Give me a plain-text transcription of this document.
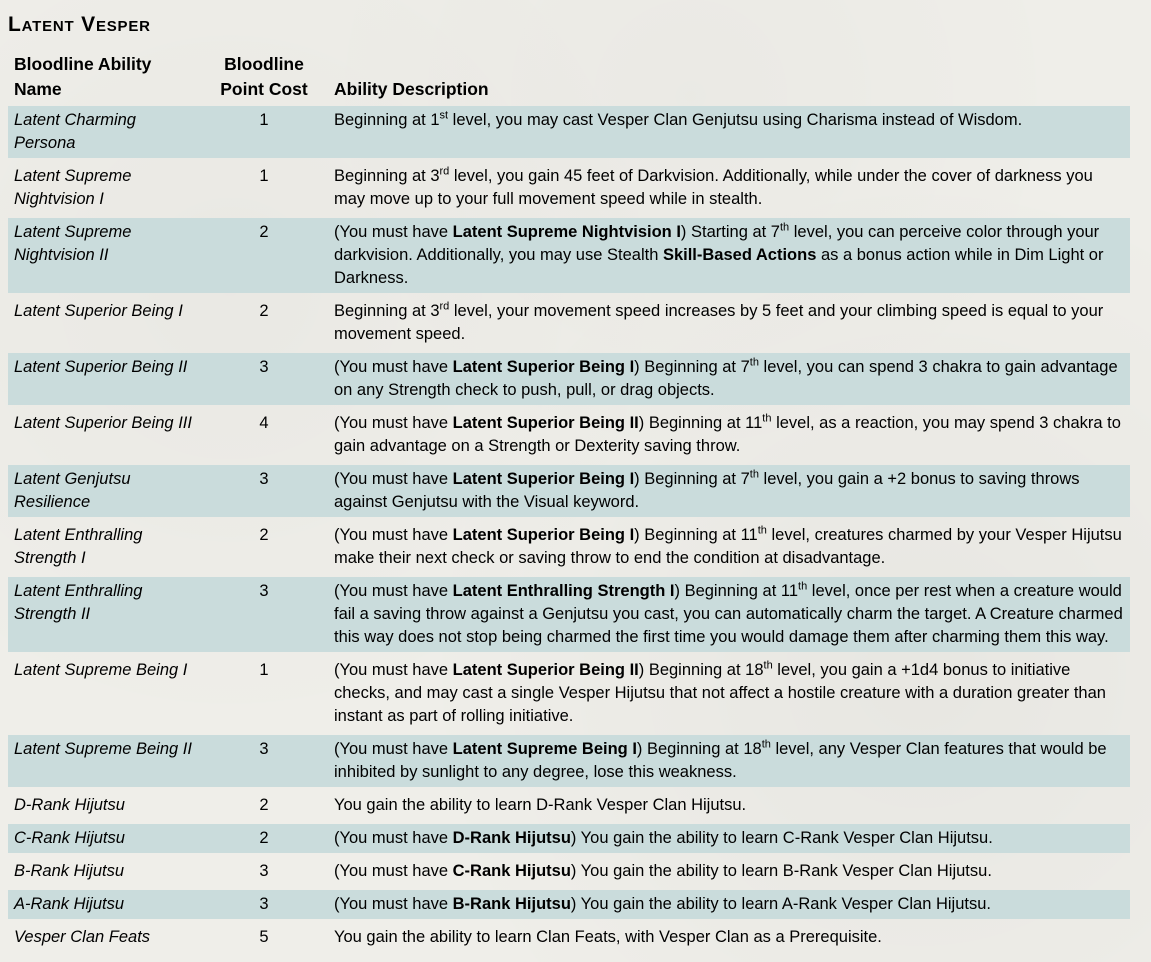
Latent Vesper
Bloodline Ability Name	Bloodline Point Cost	Ability Description
Latent Charming Persona	1	Beginning at 1st level, you may cast Vesper Clan Genjutsu using Charisma instead of Wisdom.
Latent Supreme Nightvision I	1	Beginning at 3rd level, you gain 45 feet of Darkvision. Additionally, while under the cover of darkness you may move up to your full movement speed while in stealth.
Latent Supreme Nightvision II	2	(You must have Latent Supreme Nightvision I) Starting at 7th level, you can perceive color through your darkvision. Additionally, you may use Stealth Skill-Based Actions as a bonus action while in Dim Light or Darkness.
Latent Superior Being I	2	Beginning at 3rd level, your movement speed increases by 5 feet and your climbing speed is equal to your movement speed.
Latent Superior Being II	3	(You must have Latent Superior Being I) Beginning at 7th level, you can spend 3 chakra to gain advantage on any Strength check to push, pull, or drag objects.
Latent Superior Being III	4	(You must have Latent Superior Being II) Beginning at 11th level, as a reaction, you may spend 3 chakra to gain advantage on a Strength or Dexterity saving throw.
Latent Genjutsu Resilience	3	(You must have Latent Superior Being I) Beginning at 7th level, you gain a +2 bonus to saving throws against Genjutsu with the Visual keyword.
Latent Enthralling Strength I	2	(You must have Latent Superior Being I) Beginning at 11th level, creatures charmed by your Vesper Hijutsu make their next check or saving throw to end the condition at disadvantage.
Latent Enthralling Strength II	3	(You must have Latent Enthralling Strength I) Beginning at 11th level, once per rest when a creature would fail a saving throw against a Genjutsu you cast, you can automatically charm the target. A Creature charmed this way does not stop being charmed the first time you would damage them after charming them this way.
Latent Supreme Being I	1	(You must have Latent Superior Being II) Beginning at 18th level, you gain a +1d4 bonus to initiative checks, and may cast a single Vesper Hijutsu that not affect a hostile creature with a duration greater than instant as part of rolling initiative.
Latent Supreme Being II	3	(You must have Latent Supreme Being I) Beginning at 18th level, any Vesper Clan features that would be inhibited by sunlight to any degree, lose this weakness.
D-Rank Hijutsu	2	You gain the ability to learn D-Rank Vesper Clan Hijutsu.
C-Rank Hijutsu	2	(You must have D-Rank Hijutsu) You gain the ability to learn C-Rank Vesper Clan Hijutsu.
B-Rank Hijutsu	3	(You must have C-Rank Hijutsu) You gain the ability to learn B-Rank Vesper Clan Hijutsu.
A-Rank Hijutsu	3	(You must have B-Rank Hijutsu) You gain the ability to learn A-Rank Vesper Clan Hijutsu.
Vesper Clan Feats	5	You gain the ability to learn Clan Feats, with Vesper Clan as a Prerequisite.
